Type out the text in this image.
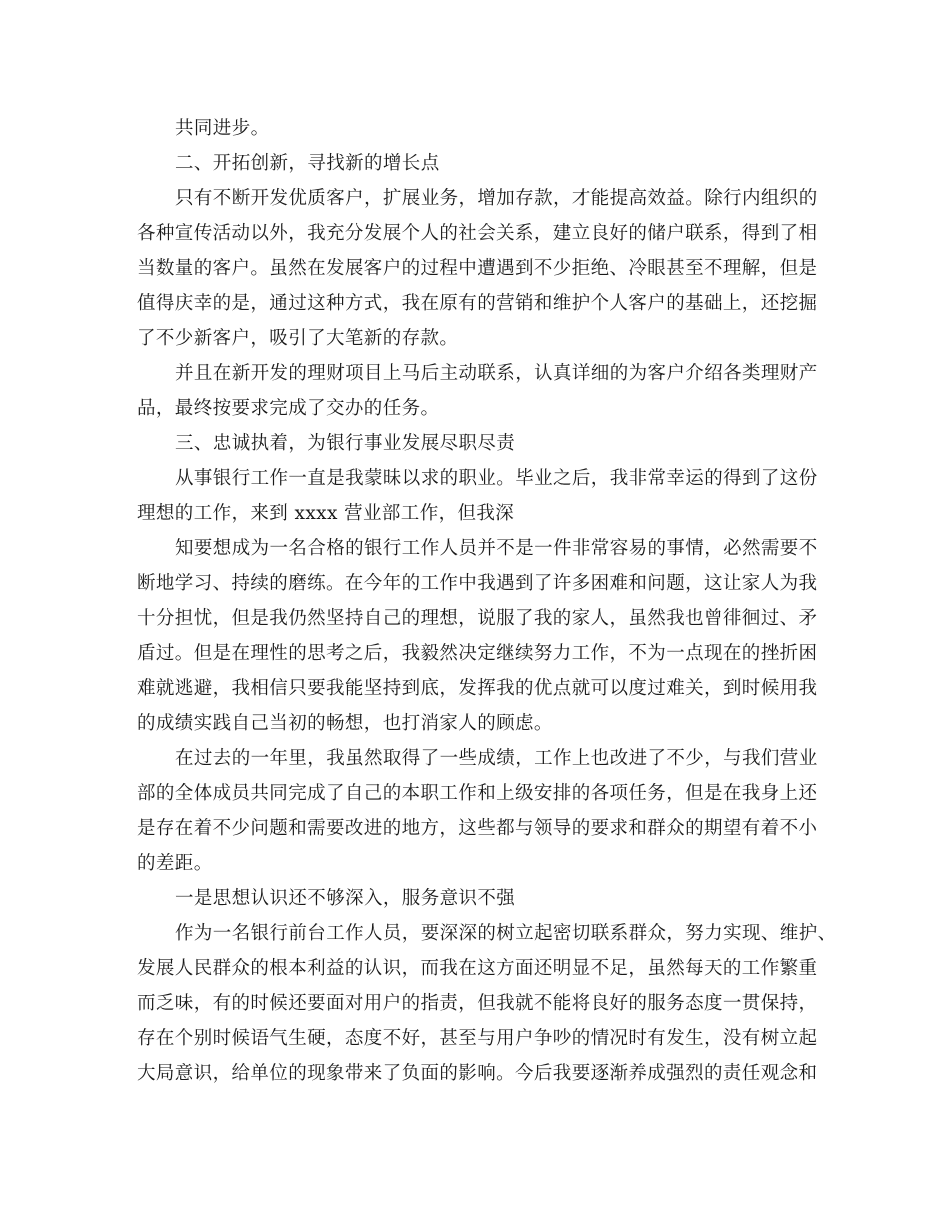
共同进步。

二、开拓创新，寻找新的增长点

只有不断开发优质客户，扩展业务，增加存款，才能提高效益。除行内组织的

各种宣传活动以外，我充分发展个人的社会关系，建立良好的储户联系，得到了相

当数量的客户。虽然在发展客户的过程中遭遇到不少拒绝、冷眼甚至不理解，但是

值得庆幸的是，通过这种方式，我在原有的营销和维护个人客户的基础上，还挖掘

了不少新客户，吸引了大笔新的存款。

并且在新开发的理财项目上马后主动联系，认真详细的为客户介绍各类理财产

品，最终按要求完成了交办的任务。

三、忠诚执着，为银行事业发展尽职尽责

从事银行工作一直是我蒙昧以求的职业。毕业之后，我非常幸运的得到了这份

理想的工作，来到 xxxx 营业部工作，但我深

知要想成为一名合格的银行工作人员并不是一件非常容易的事情，必然需要不

断地学习、持续的磨练。在今年的工作中我遇到了许多困难和问题，这让家人为我

十分担忧，但是我仍然坚持自己的理想，说服了我的家人，虽然我也曾徘徊过、矛

盾过。但是在理性的思考之后，我毅然决定继续努力工作，不为一点现在的挫折困

难就逃避，我相信只要我能坚持到底，发挥我的优点就可以度过难关，到时候用我

的成绩实践自己当初的畅想，也打消家人的顾虑。

在过去的一年里，我虽然取得了一些成绩，工作上也改进了不少，与我们营业

部的全体成员共同完成了自己的本职工作和上级安排的各项任务，但是在我身上还

是存在着不少问题和需要改进的地方，这些都与领导的要求和群众的期望有着不小

的差距。

一是思想认识还不够深入，服务意识不强

作为一名银行前台工作人员，要深深的树立起密切联系群众，努力实现、维护、

发展人民群众的根本利益的认识，而我在这方面还明显不足，虽然每天的工作繁重

而乏味，有的时候还要面对用户的指责，但我就不能将良好的服务态度一贯保持，

存在个别时候语气生硬，态度不好，甚至与用户争吵的情况时有发生，没有树立起

大局意识，给单位的现象带来了负面的影响。今后我要逐渐养成强烈的责任观念和
